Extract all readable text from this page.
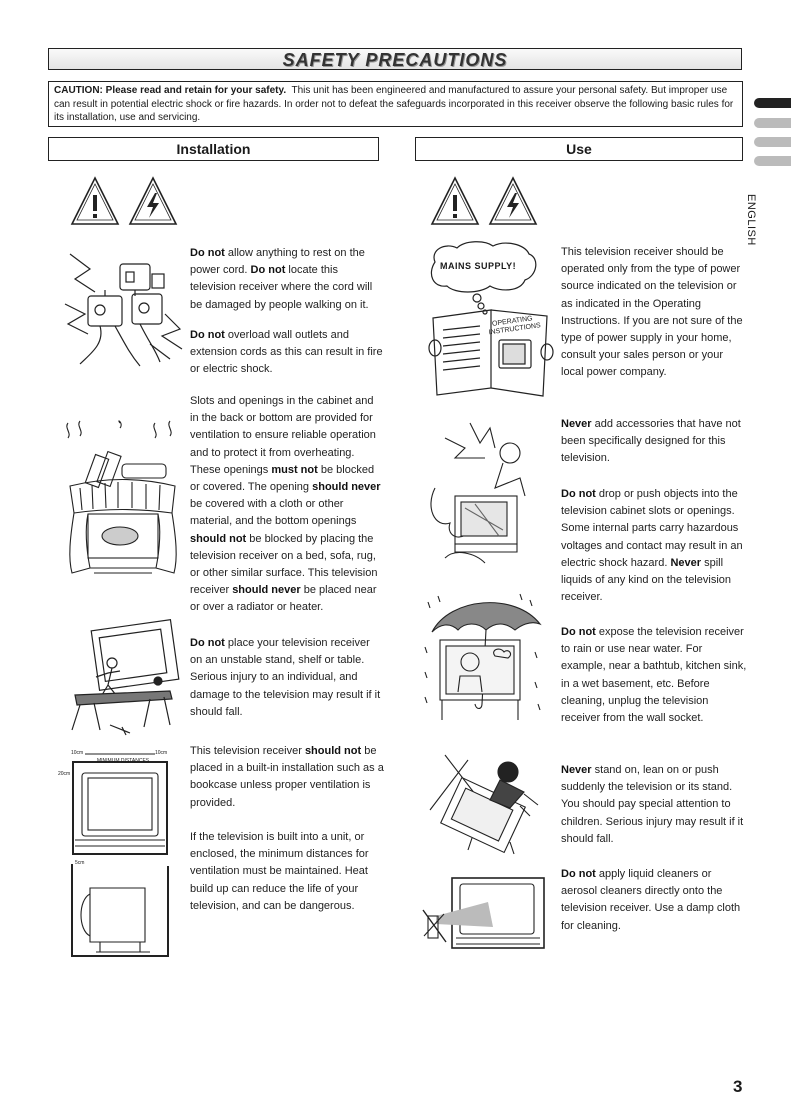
SAFETY PRECAUTIONS
CAUTION: Please read and retain for your safety. This unit has been engineered and manufactured to assure your personal safety. But improper use can result in potential electric shock or fire hazards. In order not to defeat the safeguards incorporated in this receiver observe the following basic rules for its installation, use and servicing.
ENGLISH
Installation	Use
Do not allow anything to rest on the power cord. Do not locate this television receiver where the cord will be damaged by people walking on it.
Do not overload wall outlets and extension cords as this can result in fire or electric shock.
Slots and openings in the cabinet and in the back or bottom are provided for ventilation to ensure reliable operation and to protect it from overheating. These openings must not be blocked or covered. The opening should never be covered with a cloth or other material, and the bottom openings should not be blocked by placing the television receiver on a bed, sofa, rug, or other similar surface. This television receiver should never be placed near or over a radiator or heater.
Do not place your television receiver on an unstable stand, shelf or table. Serious injury to an individual, and damage to the television may result if it should fall.
This television receiver should not be placed in a built-in installation such as a bookcase unless proper ventilation is provided.
If the television is built into a unit, or enclosed, the minimum distances for ventilation must be maintained. Heat build up can reduce the life of your television, and can be dangerous.
This television receiver should be operated only from the type of power source indicated on the television or as indicated in the Operating Instructions. If you are not sure of the type of power supply in your home, consult your sales person or your local power company.
Never add accessories that have not been specifically designed for this television.
Do not drop or push objects into the television cabinet slots or openings. Some internal parts carry hazardous voltages and contact may result in an electric shock hazard. Never spill liquids of any kind on the television receiver.
Do not expose the television receiver to rain or use near water. For example, near a bathtub, kitchen sink, in a wet basement, etc. Before cleaning, unplug the television receiver from the wall socket.
Never stand on, lean on or push suddenly the television or its stand. You should pay special attention to children. Serious injury may result if it should fall.
Do not apply liquid cleaners or aerosol cleaners directly onto the television receiver. Use a damp cloth for cleaning.
10cm	10cm
MINIMUM DISTANCES
20cm
5cm
MAINS SUPPLY!
OPERATING INSTRUCTIONS
3
